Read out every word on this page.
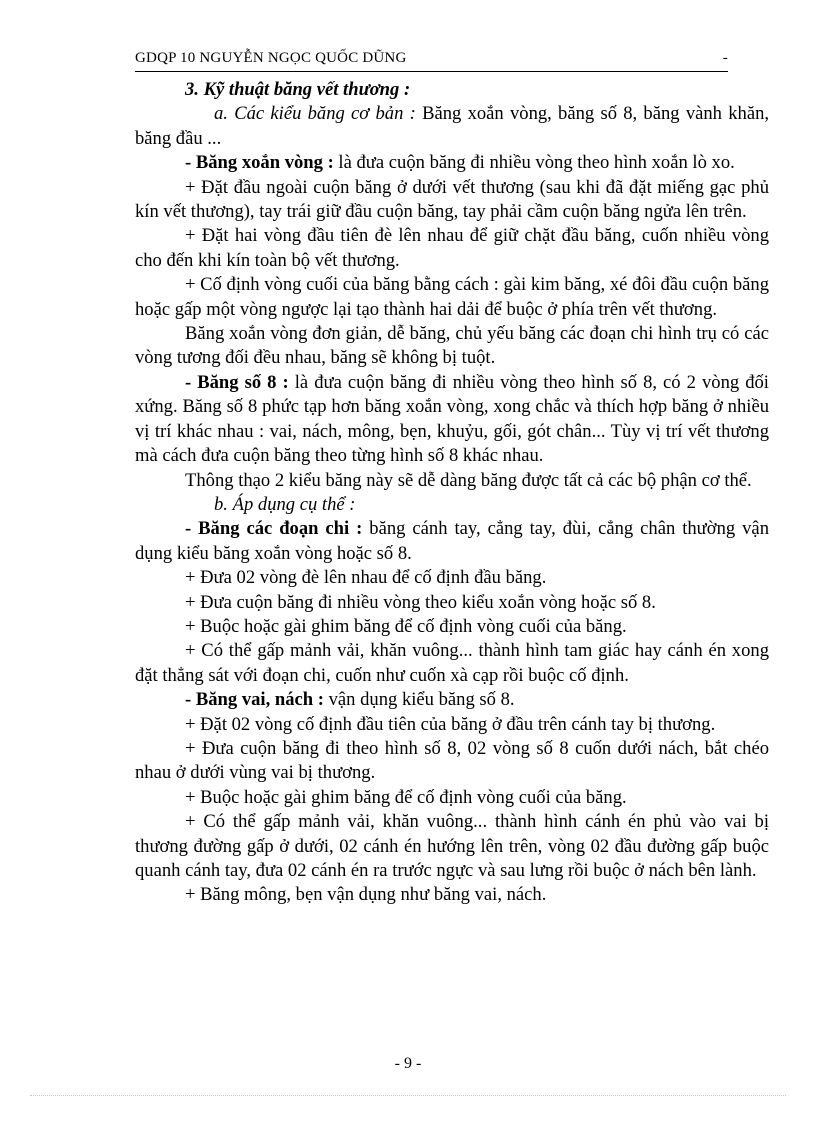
GDQP 10 NGUYỄN NGỌC QUỐC DŨNG	-

3. Kỹ thuật băng vết thương :

a. Các kiểu băng cơ bản : Băng xoắn vòng, băng số 8, băng vành khăn, băng đầu ...

- Băng xoắn vòng : là đưa cuộn băng đi nhiều vòng theo hình xoắn lò xo.

+ Đặt đầu ngoài cuộn băng ở dưới vết thương (sau khi đã đặt miếng gạc phủ kín vết thương), tay trái giữ đầu cuộn băng, tay phải cầm cuộn băng ngửa lên trên.

+ Đặt hai vòng đầu tiên đè lên nhau để giữ chặt đầu băng, cuốn nhiều vòng cho đến khi kín toàn bộ vết thương.

+ Cố định vòng cuối của băng bằng cách : gài kim băng, xé đôi đầu cuộn băng hoặc gấp một vòng ngược lại tạo thành hai dải để buộc ở phía trên vết thương.

Băng xoắn vòng đơn giản, dễ băng, chủ yếu băng các đoạn chi hình trụ có các vòng tương đối đều nhau, băng sẽ không bị tuột.

- Băng số 8 : là đưa cuộn băng đi nhiều vòng theo hình số 8, có 2 vòng đối xứng. Băng số 8 phức tạp hơn băng xoắn vòng, xong chắc và thích hợp băng ở nhiều vị trí khác nhau : vai, nách, mông, bẹn, khuỷu, gối, gót chân... Tùy vị trí vết thương mà cách đưa cuộn băng theo từng hình số 8 khác nhau.

Thông thạo 2 kiểu băng này sẽ dễ dàng băng được tất cả các bộ phận cơ thể.

b. Áp dụng cụ thể :

- Băng các đoạn chi : băng cánh tay, cẳng tay, đùi, cẳng chân thường vận dụng kiểu băng xoắn vòng hoặc số 8.

+ Đưa 02 vòng đè lên nhau để cố định đầu băng.

+ Đưa cuộn băng đi nhiều vòng theo kiểu xoắn vòng hoặc số 8.

+ Buộc hoặc gài ghim băng để cố định vòng cuối của băng.

+ Có thể gấp mảnh vải, khăn vuông... thành hình tam giác hay cánh én xong đặt thẳng sát với đoạn chi, cuốn như cuốn xà cạp rồi buộc cố định.

- Băng vai, nách : vận dụng kiểu băng số 8.

+ Đặt 02 vòng cố định đầu tiên của băng ở đầu trên cánh tay bị thương.

+ Đưa cuộn băng đi theo hình số 8, 02 vòng số 8 cuốn dưới nách, bắt chéo nhau ở dưới vùng vai bị thương.

+ Buộc hoặc gài ghim băng để cố định vòng cuối của băng.

+ Có thể gấp mảnh vải, khăn vuông... thành hình cánh én phủ vào vai bị thương đường gấp ở dưới, 02 cánh én hướng lên trên, vòng 02 đầu đường gấp buộc quanh cánh tay, đưa 02 cánh én ra trước ngực và sau lưng rồi buộc ở nách bên lành.

+ Băng mông, bẹn vận dụng như băng vai, nách.

- 9 -
